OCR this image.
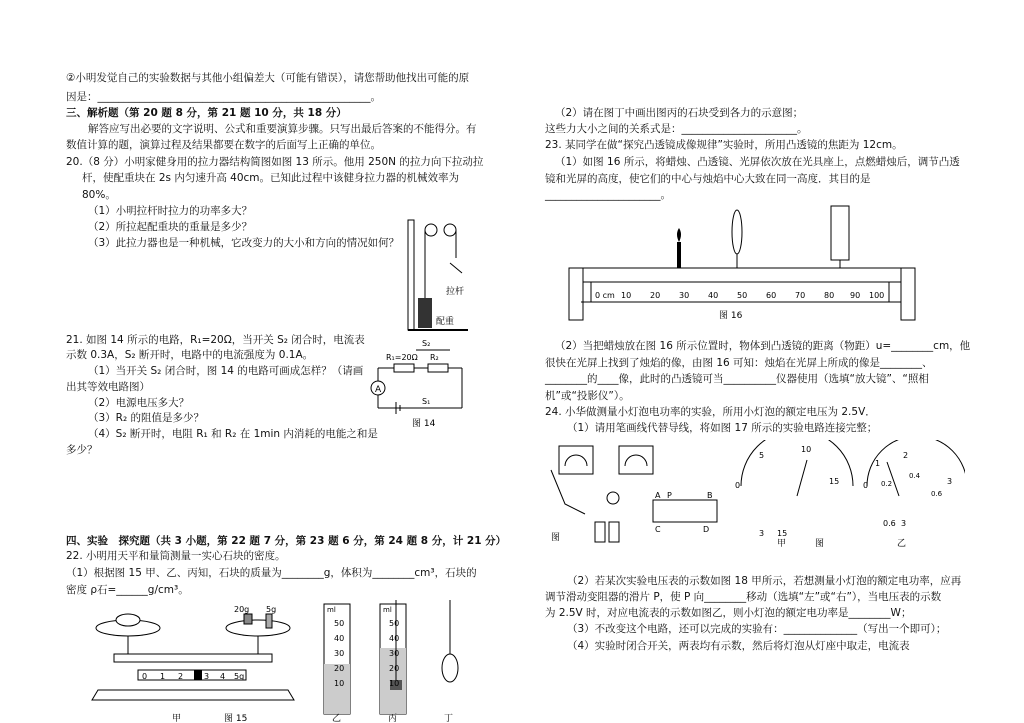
②小明发觉自己的实验数据与其他小组偏差大（可能有错误），请您帮助他找出可能的原
因是：____________________________________________________。
三、解析题（第 20 题 8 分，第 21 题 10 分，共 18 分）
解答应写出必要的文字说明、公式和重要演算步骤。只写出最后答案的不能得分。有
数值计算的题，演算过程及结果都要在数字的后面写上正确的单位。
20.（8 分）小明家健身用的拉力器结构简图如图 13 所示。他用 250N 的拉力向下拉动拉
杆，使配重块在 2s 内匀速升高 40cm。已知此过程中该健身拉力器的机械效率为
80%。
（1）小明拉杆时拉力的功率多大？
（2）所拉起配重块的重量是多少？
（3）此拉力器也是一种机械，它改变力的大小和方向的情况如何？
拉杆
配重
21. 如图 14 所示的电路，R₁=20Ω，当开关 S₂ 闭合时，电流表
示数 0.3A，S₂ 断开时，电路中的电流强度为 0.1A。
（1）当开关 S₂ 闭合时，图 14 的电路可画成怎样？（请画
出其等效电路图）
（2）电源电压多大？
（3）R₂ 的阻值是多少？
（4）S₂ 断开时，电阻 R₁ 和 R₂ 在 1min 内消耗的电能之和是
多少？
A
R₁=20Ω R₂
S₂
S₁
图 14
四、实验　探究题（共 3 小题，第 22 题 7 分，第 23 题 6 分，第 24 题 8 分，计 21 分）
22. 小明用天平和量筒测量一实心石块的密度。
（1）根据图 15 甲、乙、丙知，石块的质量为________g，体积为________cm³，石块的
密度 ρ石=______g/cm³。
20g 5g
0 1 2	3 4 5g
ml
50
40
30
20
10
ml
50
40
30
20
10
甲	图 15	乙	丙	丁
（2）请在图丁中画出图丙的石块受到各力的示意图；
这些力大小之间的关系式是：______________________。
23. 某同学在做“探究凸透镜成像规律”实验时，所用凸透镜的焦距为 12cm。
（1）如图 16 所示，将蜡烛、凸透镜、光屏依次放在光具座上，点燃蜡烛后，调节凸透
镜和光屏的高度，使它们的中心与烛焰中心大致在同一高度．其目的是
______________________。
0 cm 10 20 30 40 50 60 70 80 90 100
图 16
（2）当把蜡烛放在图 16 所示位置时，物体到凸透镜的距离（物距）u=________cm，他
很快在光屏上找到了烛焰的像，由图 16 可知：烛焰在光屏上所成的像是________、
________的____像，此时的凸透镜可当__________仪器使用（选填“放大镜”、“照相
机”或“投影仪”）。
24. 小华做测量小灯泡电功率的实验，所用小灯泡的额定电压为 2.5V．
（1）请用笔画线代替导线，将如图 17 所示的实验电路连接完整；
A P	B
C	D
图
0
5
10
15
3 15
甲	图
0
1
2
3
0.2
0.4
0.6
0.6 3
乙
（2）若某次实验电压表的示数如图 18 甲所示，若想测量小灯泡的额定电功率，应再
调节滑动变阻器的滑片 P，使 P 向________移动（选填“左”或“右”），当电压表的示数
为 2.5V 时，对应电流表的示数如图乙，则小灯泡的额定电功率是________W；
（3）不改变这个电路，还可以完成的实验有：______________（写出一个即可）；
（4）实验时闭合开关，两表均有示数，然后将灯泡从灯座中取走，电流表
